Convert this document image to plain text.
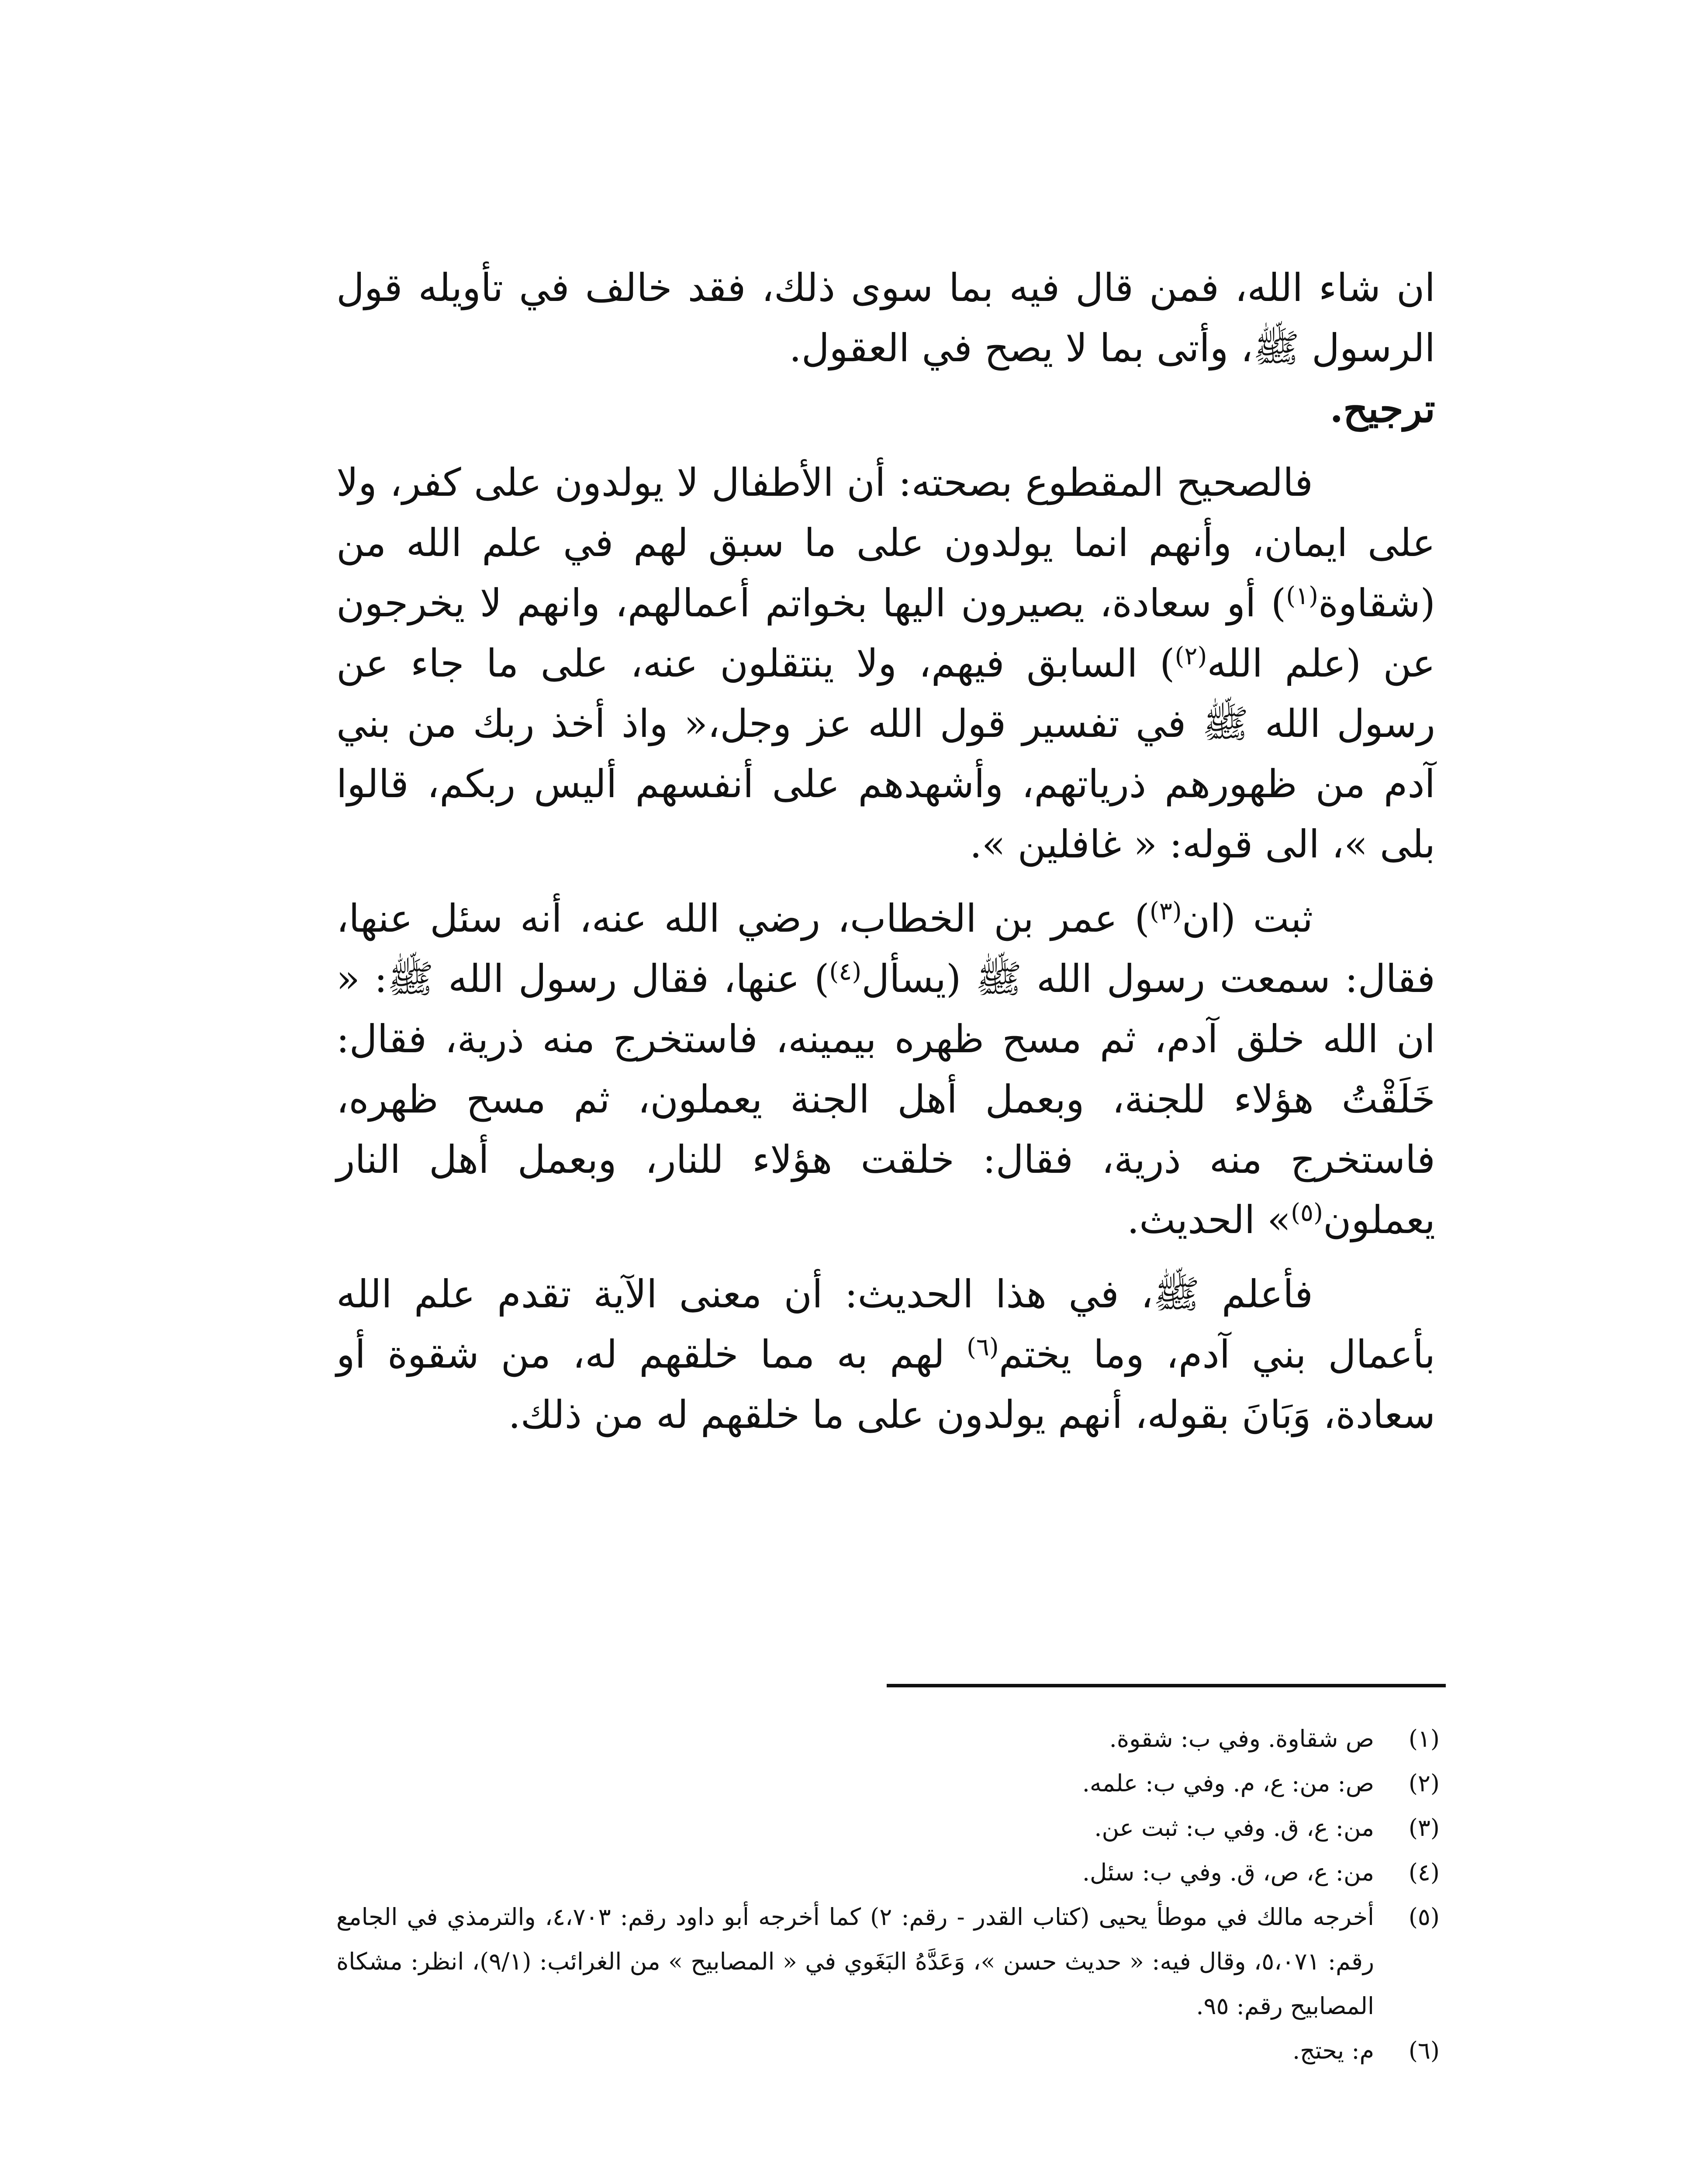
ان شاء الله، فمن قال فيه بما سوى ذلك، فقد خالف في تأويله قول الرسول ﷺ، وأتى بما لا يصح في العقول.

ترجيح.

فالصحيح المقطوع بصحته: أن الأطفال لا يولدون على كفر، ولا على ايمان، وأنهم انما يولدون على ما سبق لهم في علم الله من (شقاوة$^{(١)}$) أو سعادة، يصيرون اليها بخواتم أعمالهم، وانهم لا يخرجون عن (علم الله$^{(٢)}$) السابق فيهم، ولا ينتقلون عنه، على ما جاء عن رسول الله ﷺ في تفسير قول الله عز وجل،« واذ أخذ ربك من بني آدم من ظهورهم ذرياتهم، وأشهدهم على أنفسهم أليس ربكم، قالوا بلى »، الى قوله: « غافلين ».

ثبت (ان$^{(٣)}$) عمر بن الخطاب، رضي الله عنه، أنه سئل عنها، فقال: سمعت رسول الله ﷺ (يسأل$^{(٤)}$) عنها، فقال رسول الله ﷺ: « ان الله خلق آدم، ثم مسح ظهره بيمينه، فاستخرج منه ذرية، فقال: خَلَقْتُ هؤلاء للجنة، وبعمل أهل الجنة يعملون، ثم مسح ظهره، فاستخرج منه ذرية، فقال: خلقت هؤلاء للنار، وبعمل أهل النار يعملون$^{(٥)}$» الحديث.

فأعلم ﷺ، في هذا الحديث: أن معنى الآية تقدم علم الله بأعمال بني آدم، وما يختم$^{(٦)}$ لهم به مما خلقهم له، من شقوة أو سعادة، وَبَانَ بقوله، أنهم يولدون على ما خلقهم له من ذلك.

(١)
ص شقاوة. وفي ب: شقوة.
(٢)
ص: من: ع، م. وفي ب: علمه.
(٣)
من: ع، ق. وفي ب: ثبت عن.
(٤)
من: ع، ص، ق. وفي ب: سئل.
(٥)
أخرجه مالك في موطأ يحيى (كتاب القدر - رقم: ٢) كما أخرجه أبو داود رقم: ٤،٧٠٣، والترمذي في الجامع رقم: ٥،٠٧١، وقال فيه: « حديث حسن »، وَعَدَّهُ البَغَوي في « المصابيح » من الغرائب: (٩/١)، انظر: مشكاة المصابيح رقم: ٩٥.
(٦)
م: يحتج.
